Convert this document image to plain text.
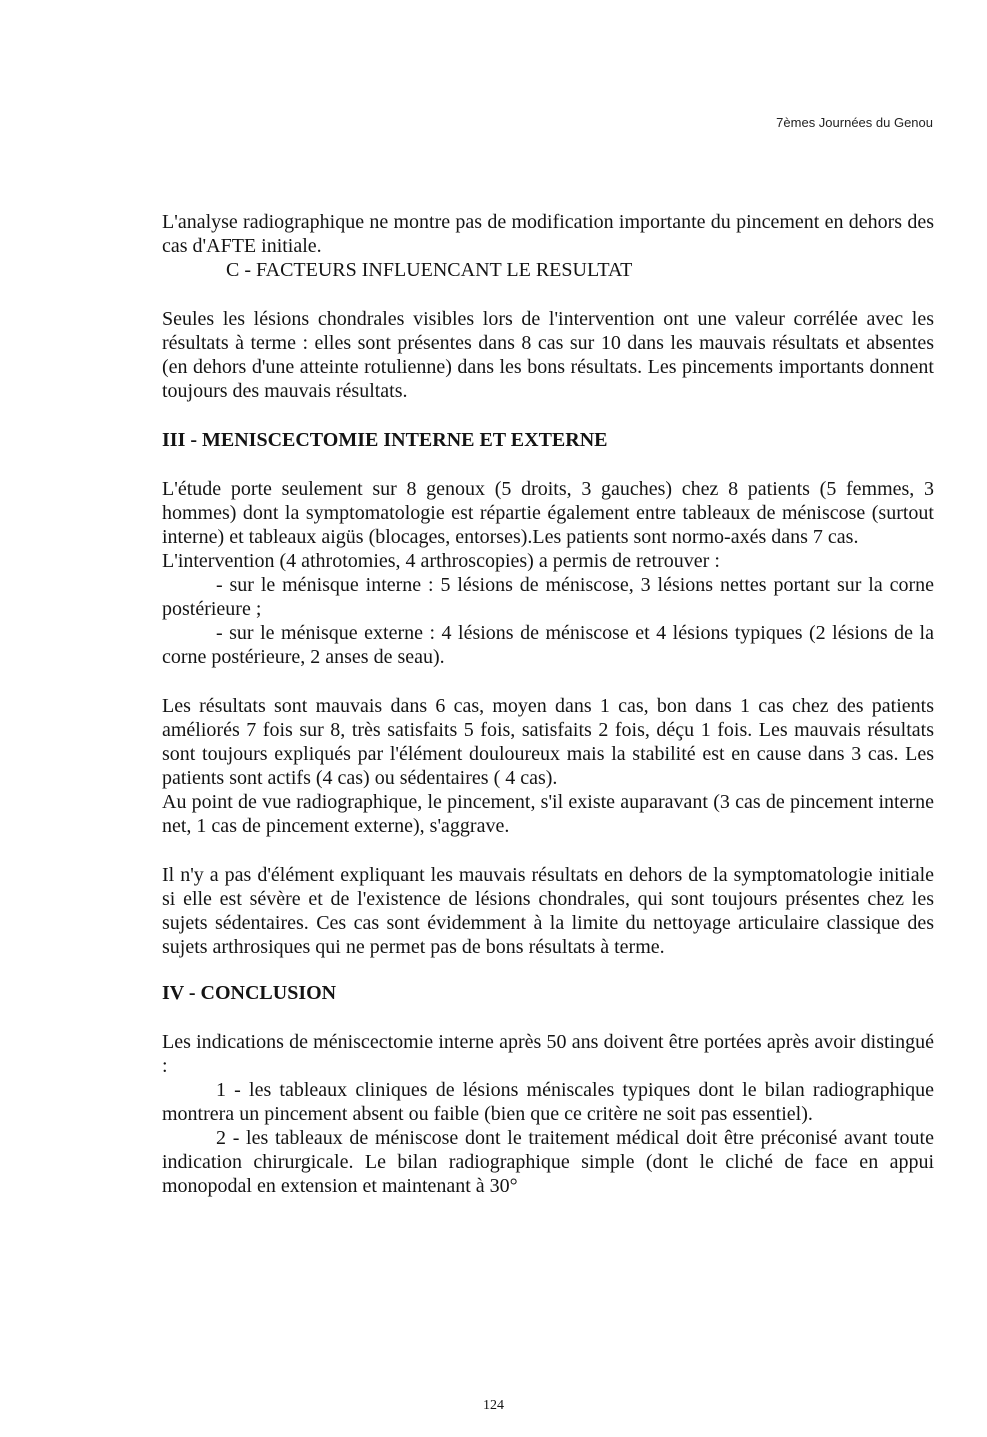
7èmes Journées du Genou

L'analyse radiographique ne montre pas de modification importante du pincement en dehors des cas d'AFTE initiale.

C - FACTEURS INFLUENCANT LE RESULTAT

Seules les lésions chondrales visibles lors de l'intervention ont une valeur corrélée avec les résultats à terme : elles sont présentes dans 8 cas sur 10 dans les mauvais résultats et absentes (en dehors d'une atteinte rotulienne) dans les bons résultats. Les pincements importants donnent toujours des mauvais résultats.

III - MENISCECTOMIE INTERNE ET EXTERNE

L'étude porte seulement sur 8 genoux (5 droits, 3 gauches) chez 8 patients (5 femmes, 3 hommes) dont la symptomatologie est répartie également entre tableaux de méniscose (surtout interne) et tableaux aigüs (blocages, entorses).Les patients sont normo-axés dans 7 cas.

L'intervention (4 athrotomies, 4 arthroscopies) a permis de retrouver :

- sur le ménisque interne : 5 lésions de méniscose, 3 lésions nettes portant sur la corne postérieure ;

- sur le ménisque externe : 4 lésions de méniscose et 4 lésions typiques (2 lésions de la corne postérieure, 2 anses de seau).

Les résultats sont mauvais dans 6 cas, moyen dans 1 cas, bon dans 1 cas chez des patients améliorés 7 fois sur 8, très satisfaits 5 fois, satisfaits 2 fois, déçu 1 fois. Les mauvais résultats sont toujours expliqués par l'élément douloureux mais la stabilité est en cause dans 3 cas. Les patients sont actifs (4 cas) ou sédentaires ( 4 cas).

Au point de vue radiographique, le pincement, s'il existe auparavant (3 cas de pincement interne net, 1 cas de pincement externe), s'aggrave.

Il n'y a pas d'élément expliquant les mauvais résultats en dehors de la symptomatologie initiale si elle est sévère et de l'existence de lésions chondrales, qui sont toujours présentes chez les sujets sédentaires. Ces cas sont évidemment à la limite du nettoyage articulaire classique des sujets arthrosiques qui ne permet pas de bons résultats à terme.

IV - CONCLUSION

Les indications de méniscectomie interne après 50 ans doivent être portées après avoir distingué :

1 - les tableaux cliniques de lésions méniscales typiques dont le bilan radiographique montrera un pincement absent ou faible (bien que ce critère ne soit pas essentiel).

2 - les tableaux de méniscose dont le traitement médical doit être préconisé avant toute indication chirurgicale. Le bilan radiographique simple (dont le cliché de face en appui monopodal en extension et maintenant à 30°

124
